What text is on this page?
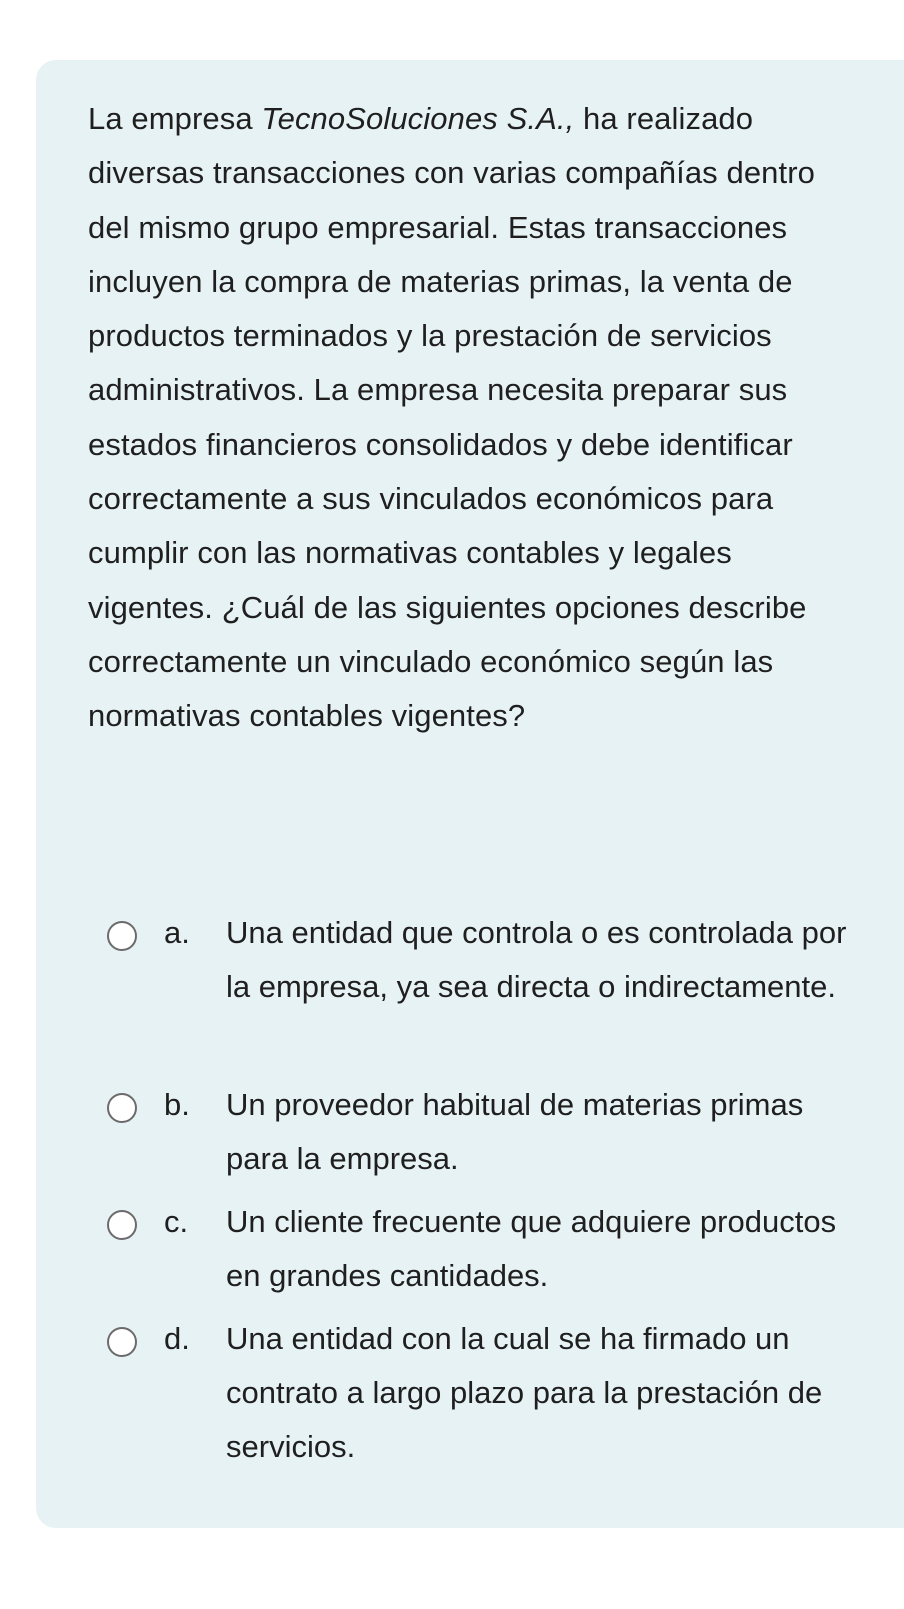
La empresa TecnoSoluciones S.A., ha realizado diversas transacciones con varias compañías dentro del mismo grupo empresarial. Estas transacciones incluyen la compra de materias primas, la venta de productos terminados y la prestación de servicios administrativos. La empresa necesita preparar sus estados financieros consolidados y debe identificar correctamente a sus vinculados económicos para cumplir con las normativas contables y legales vigentes. ¿Cuál de las siguientes opciones describe correctamente un vinculado económico según las normativas contables vigentes?

a.	Una entidad que controla o es controlada por la empresa, ya sea directa o indirectamente.
b.	Un proveedor habitual de materias primas para la empresa.
c.	Un cliente frecuente que adquiere productos en grandes cantidades.
d.	Una entidad con la cual se ha firmado un contrato a largo plazo para la prestación de servicios.
